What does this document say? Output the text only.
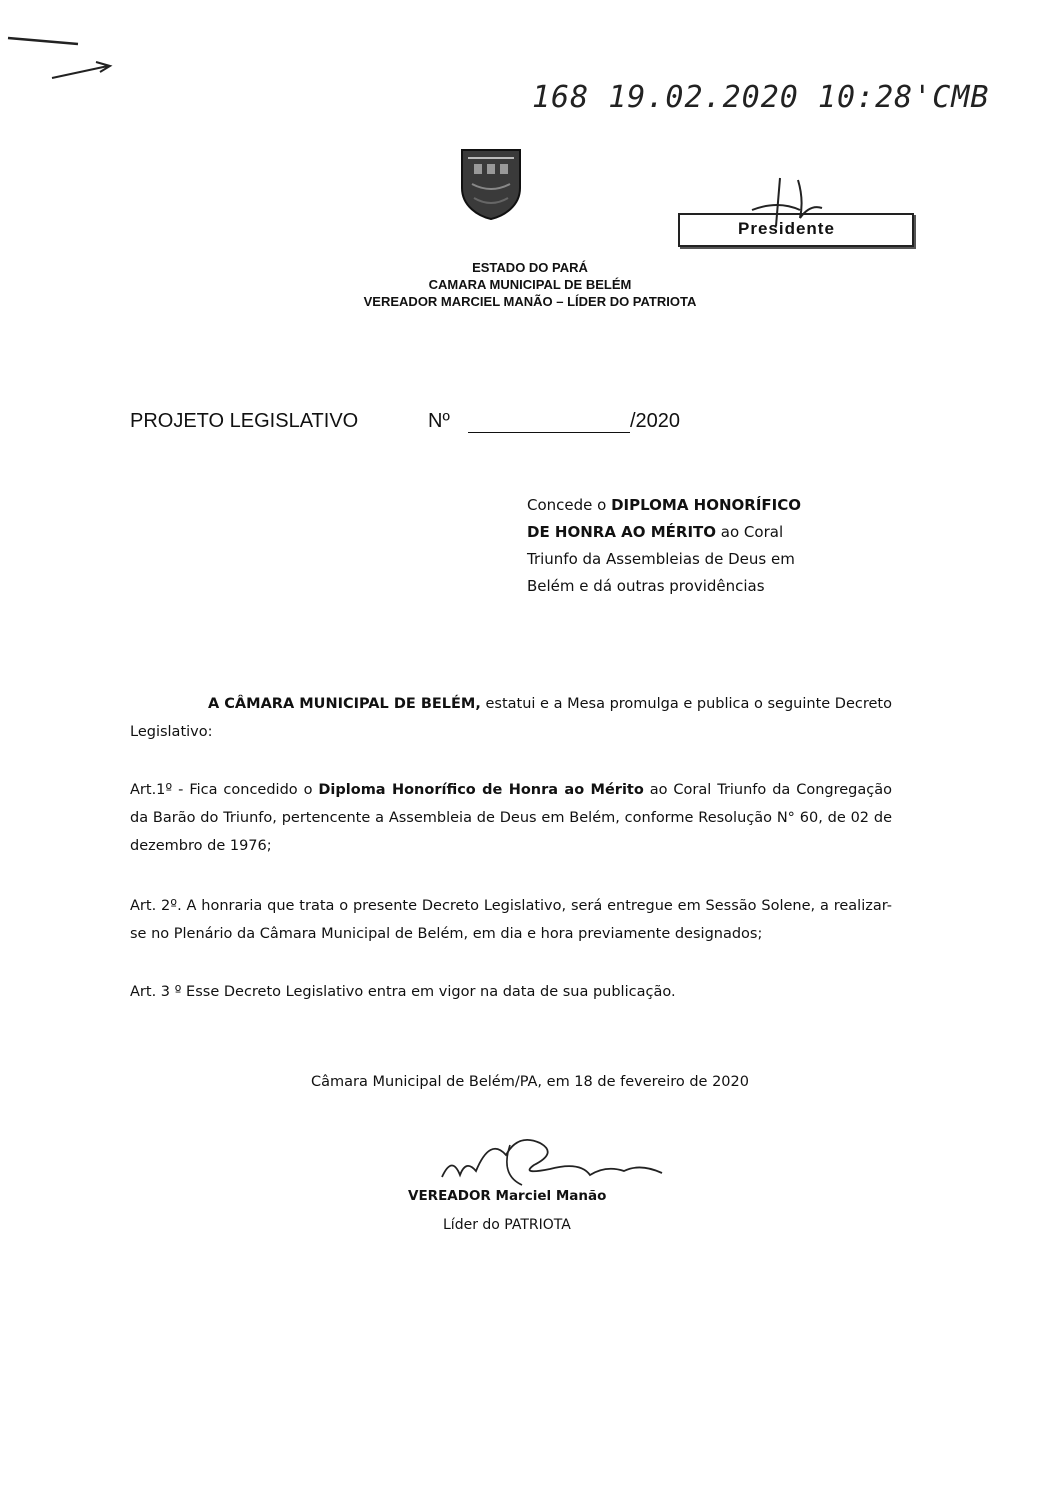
168 19.02.2020 10:28'CMB
Presidente
ESTADO DO PARÁ
CAMARA MUNICIPAL DE BELÉM
VEREADOR MARCIEL MANÃO – LÍDER DO PATRIOTA
PROJETO LEGISLATIVO	Nº	/2020
Concede o DIPLOMA HONORÍFICO DE HONRA AO MÉRITO ao Coral Triunfo da Assembleias de Deus em Belém e dá outras providências
A CÂMARA MUNICIPAL DE BELÉM, estatui e a Mesa promulga e publica o seguinte Decreto Legislativo:
Art.1º - Fica concedido o Diploma Honorífico de Honra ao Mérito ao Coral Triunfo da Congregação da Barão do Triunfo, pertencente a Assembleia de Deus em Belém, conforme Resolução N° 60, de 02 de dezembro de 1976;
Art. 2º. A honraria que trata o presente Decreto Legislativo, será entregue em Sessão Solene, a realizar-se no Plenário da Câmara Municipal de Belém, em dia e hora previamente designados;
Art. 3 º Esse Decreto Legislativo entra em vigor na data de sua publicação.
Câmara Municipal de Belém/PA, em 18 de fevereiro de 2020
VEREADOR Marciel Manão
Líder do PATRIOTA
